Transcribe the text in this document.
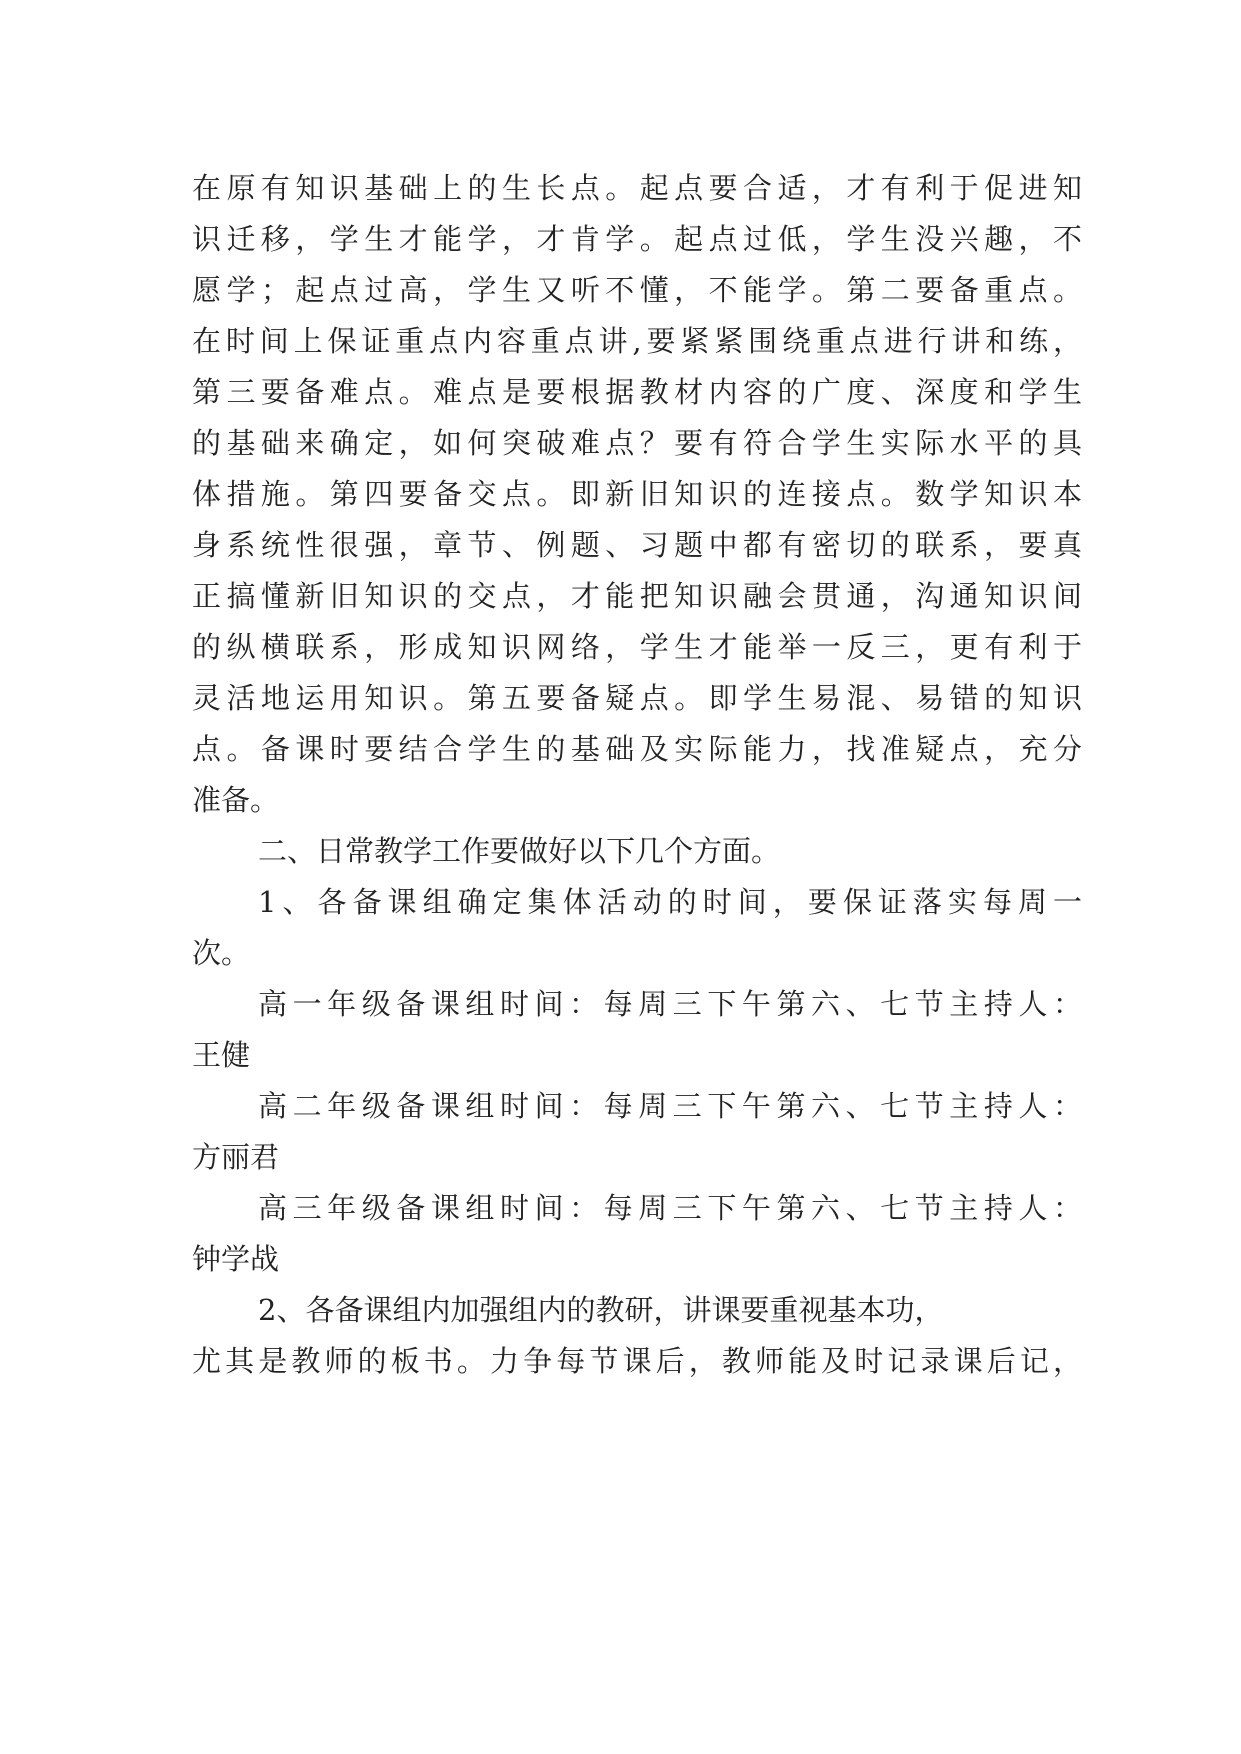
在原有知识基础上的生长点。起点要合适，才有利于促进知
识迁移，学生才能学，才肯学。起点过低，学生没兴趣，不
愿学；起点过高，学生又听不懂，不能学。第二要备重点。
在时间上保证重点内容重点讲,要紧紧围绕重点进行讲和练，
第三要备难点。难点是要根据教材内容的广度、深度和学生
的基础来确定，如何突破难点？要有符合学生实际水平的具
体措施。第四要备交点。即新旧知识的连接点。数学知识本
身系统性很强，章节、例题、习题中都有密切的联系，要真
正搞懂新旧知识的交点，才能把知识融会贯通，沟通知识间
的纵横联系，形成知识网络，学生才能举一反三，更有利于
灵活地运用知识。第五要备疑点。即学生易混、易错的知识
点。备课时要结合学生的基础及实际能力，找准疑点，充分
准备。
二、日常教学工作要做好以下几个方面。
1、各备课组确定集体活动的时间，要保证落实每周一
次。
高一年级备课组时间：每周三下午第六、七节主持人：
王健
高二年级备课组时间：每周三下午第六、七节主持人：
方丽君
高三年级备课组时间：每周三下午第六、七节主持人：
钟学战
2、各备课组内加强组内的教研，讲课要重视基本功，
尤其是教师的板书。力争每节课后，教师能及时记录课后记，
